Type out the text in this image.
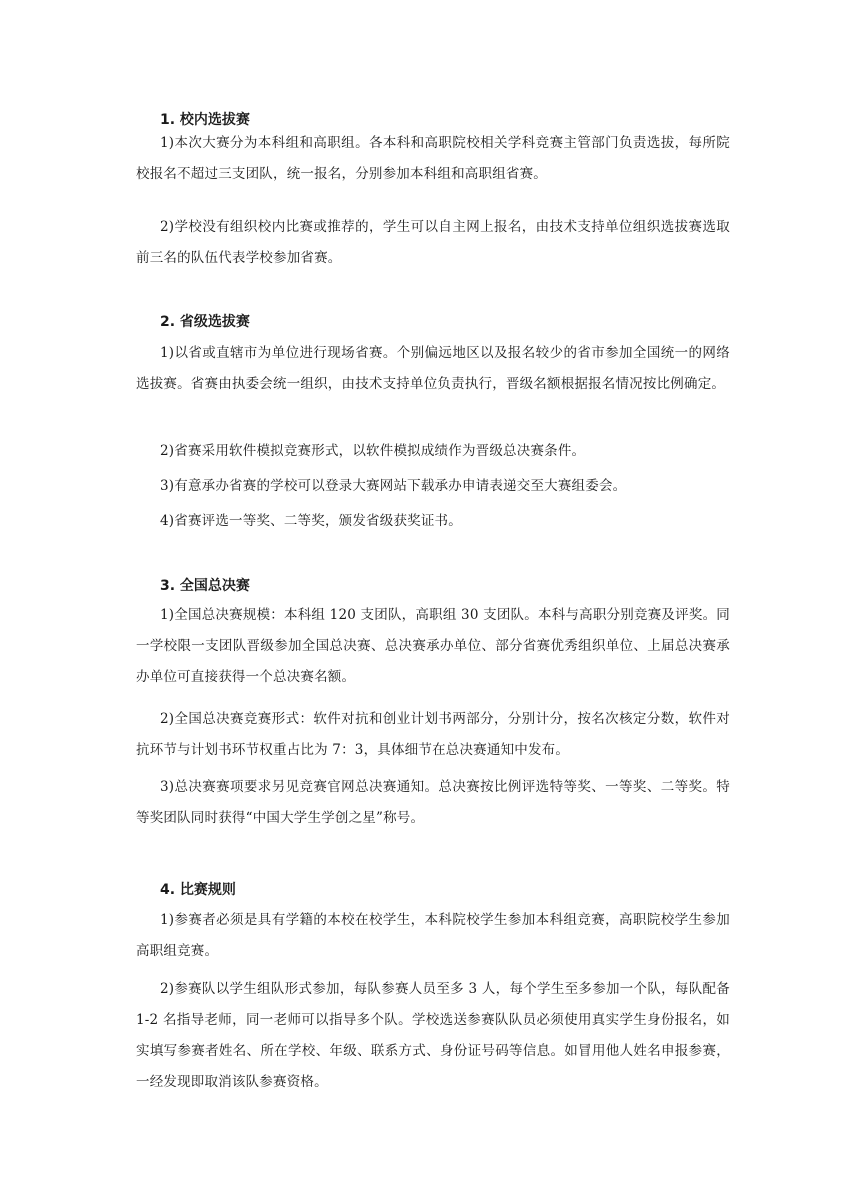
1. 校内选拔赛

1)本次大赛分为本科组和高职组。各本科和高职院校相关学科竞赛主管部门负责选拔，每所院校报名不超过三支团队，统一报名，分别参加本科组和高职组省赛。

2)学校没有组织校内比赛或推荐的，学生可以自主网上报名，由技术支持单位组织选拔赛选取前三名的队伍代表学校参加省赛。

2. 省级选拔赛

1)以省或直辖市为单位进行现场省赛。个别偏远地区以及报名较少的省市参加全国统一的网络选拔赛。省赛由执委会统一组织，由技术支持单位负责执行，晋级名额根据报名情况按比例确定。

2)省赛采用软件模拟竞赛形式，以软件模拟成绩作为晋级总决赛条件。

3)有意承办省赛的学校可以登录大赛网站下载承办申请表递交至大赛组委会。

4)省赛评选一等奖、二等奖，颁发省级获奖证书。

3. 全国总决赛

1)全国总决赛规模：本科组 120 支团队，高职组 30 支团队。本科与高职分别竞赛及评奖。同一学校限一支团队晋级参加全国总决赛、总决赛承办单位、部分省赛优秀组织单位、上届总决赛承办单位可直接获得一个总决赛名额。

2)全国总决赛竞赛形式：软件对抗和创业计划书两部分，分别计分，按名次核定分数，软件对抗环节与计划书环节权重占比为 7：3，具体细节在总决赛通知中发布。

3)总决赛赛项要求另见竞赛官网总决赛通知。总决赛按比例评选特等奖、一等奖、二等奖。特等奖团队同时获得“中国大学生学创之星”称号。

4. 比赛规则

1)参赛者必须是具有学籍的本校在校学生，本科院校学生参加本科组竞赛，高职院校学生参加高职组竞赛。

2)参赛队以学生组队形式参加，每队参赛人员至多 3 人，每个学生至多参加一个队，每队配备 1-2 名指导老师，同一老师可以指导多个队。学校选送参赛队队员必须使用真实学生身份报名，如实填写参赛者姓名、所在学校、年级、联系方式、身份证号码等信息。如冒用他人姓名申报参赛，一经发现即取消该队参赛资格。
